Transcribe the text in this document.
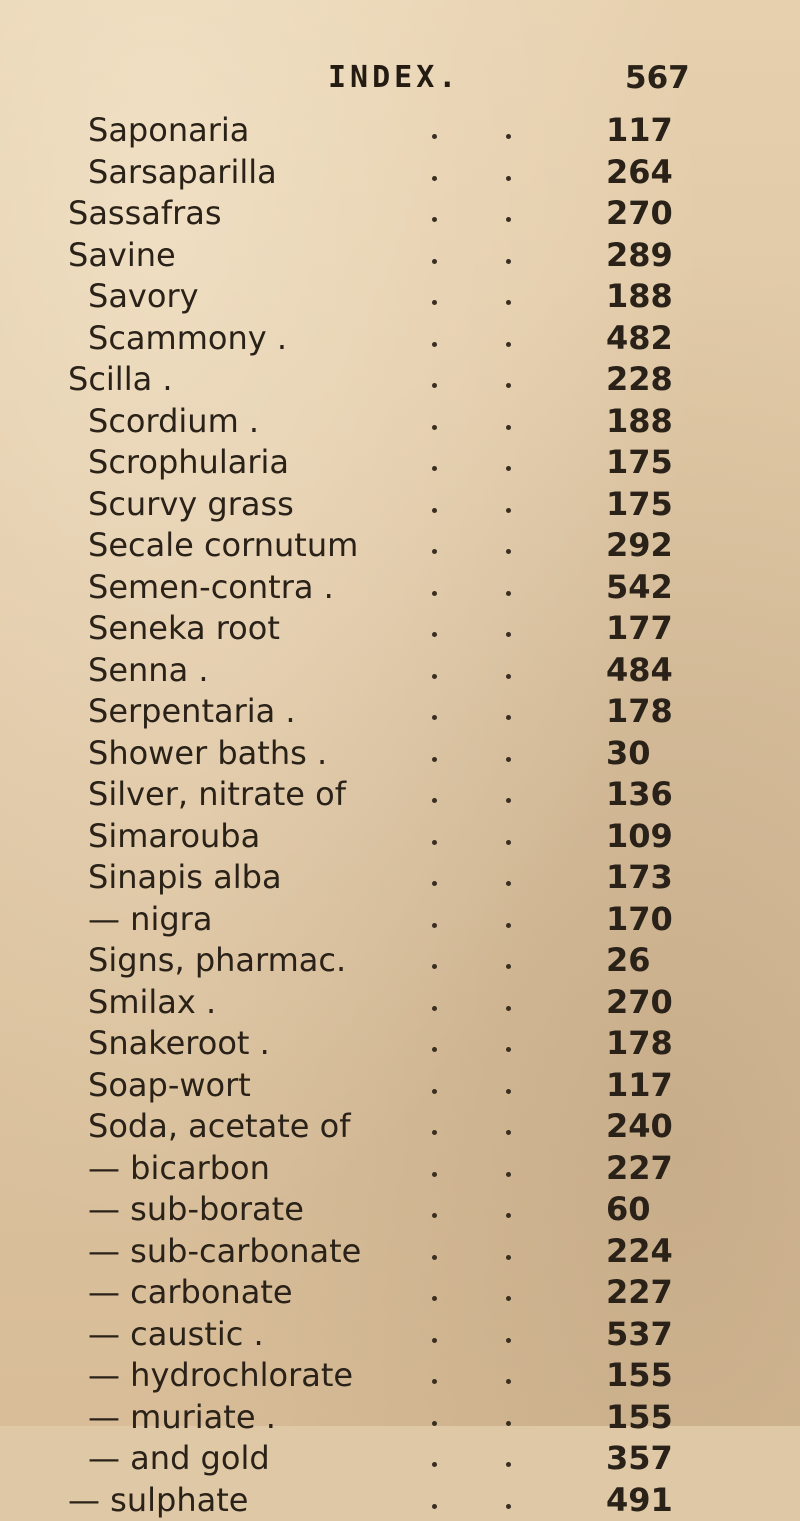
INDEX.	567
Saponaria	117
Sarsaparilla	264
Sassafras	270
Savine	289
Savory	188
Scammony .	482
Scilla .	228
Scordium .	188
Scrophularia	175
Scurvy grass	175
Secale cornutum	292
Semen-contra .	542
Seneka root	177
Senna .	484
Serpentaria .	178
Shower baths .	30
Silver, nitrate of	136
Simarouba	109
Sinapis alba	173
— nigra	170
Signs, pharmac.	26
Smilax .	270
Snakeroot .	178
Soap-wort	117
Soda, acetate of	240
— bicarbon	227
— sub-borate	60
— sub-carbonate	224
— carbonate	227
— caustic .	537
— hydrochlorate	155
— muriate .	155
— and gold	357
— sulphate	491
